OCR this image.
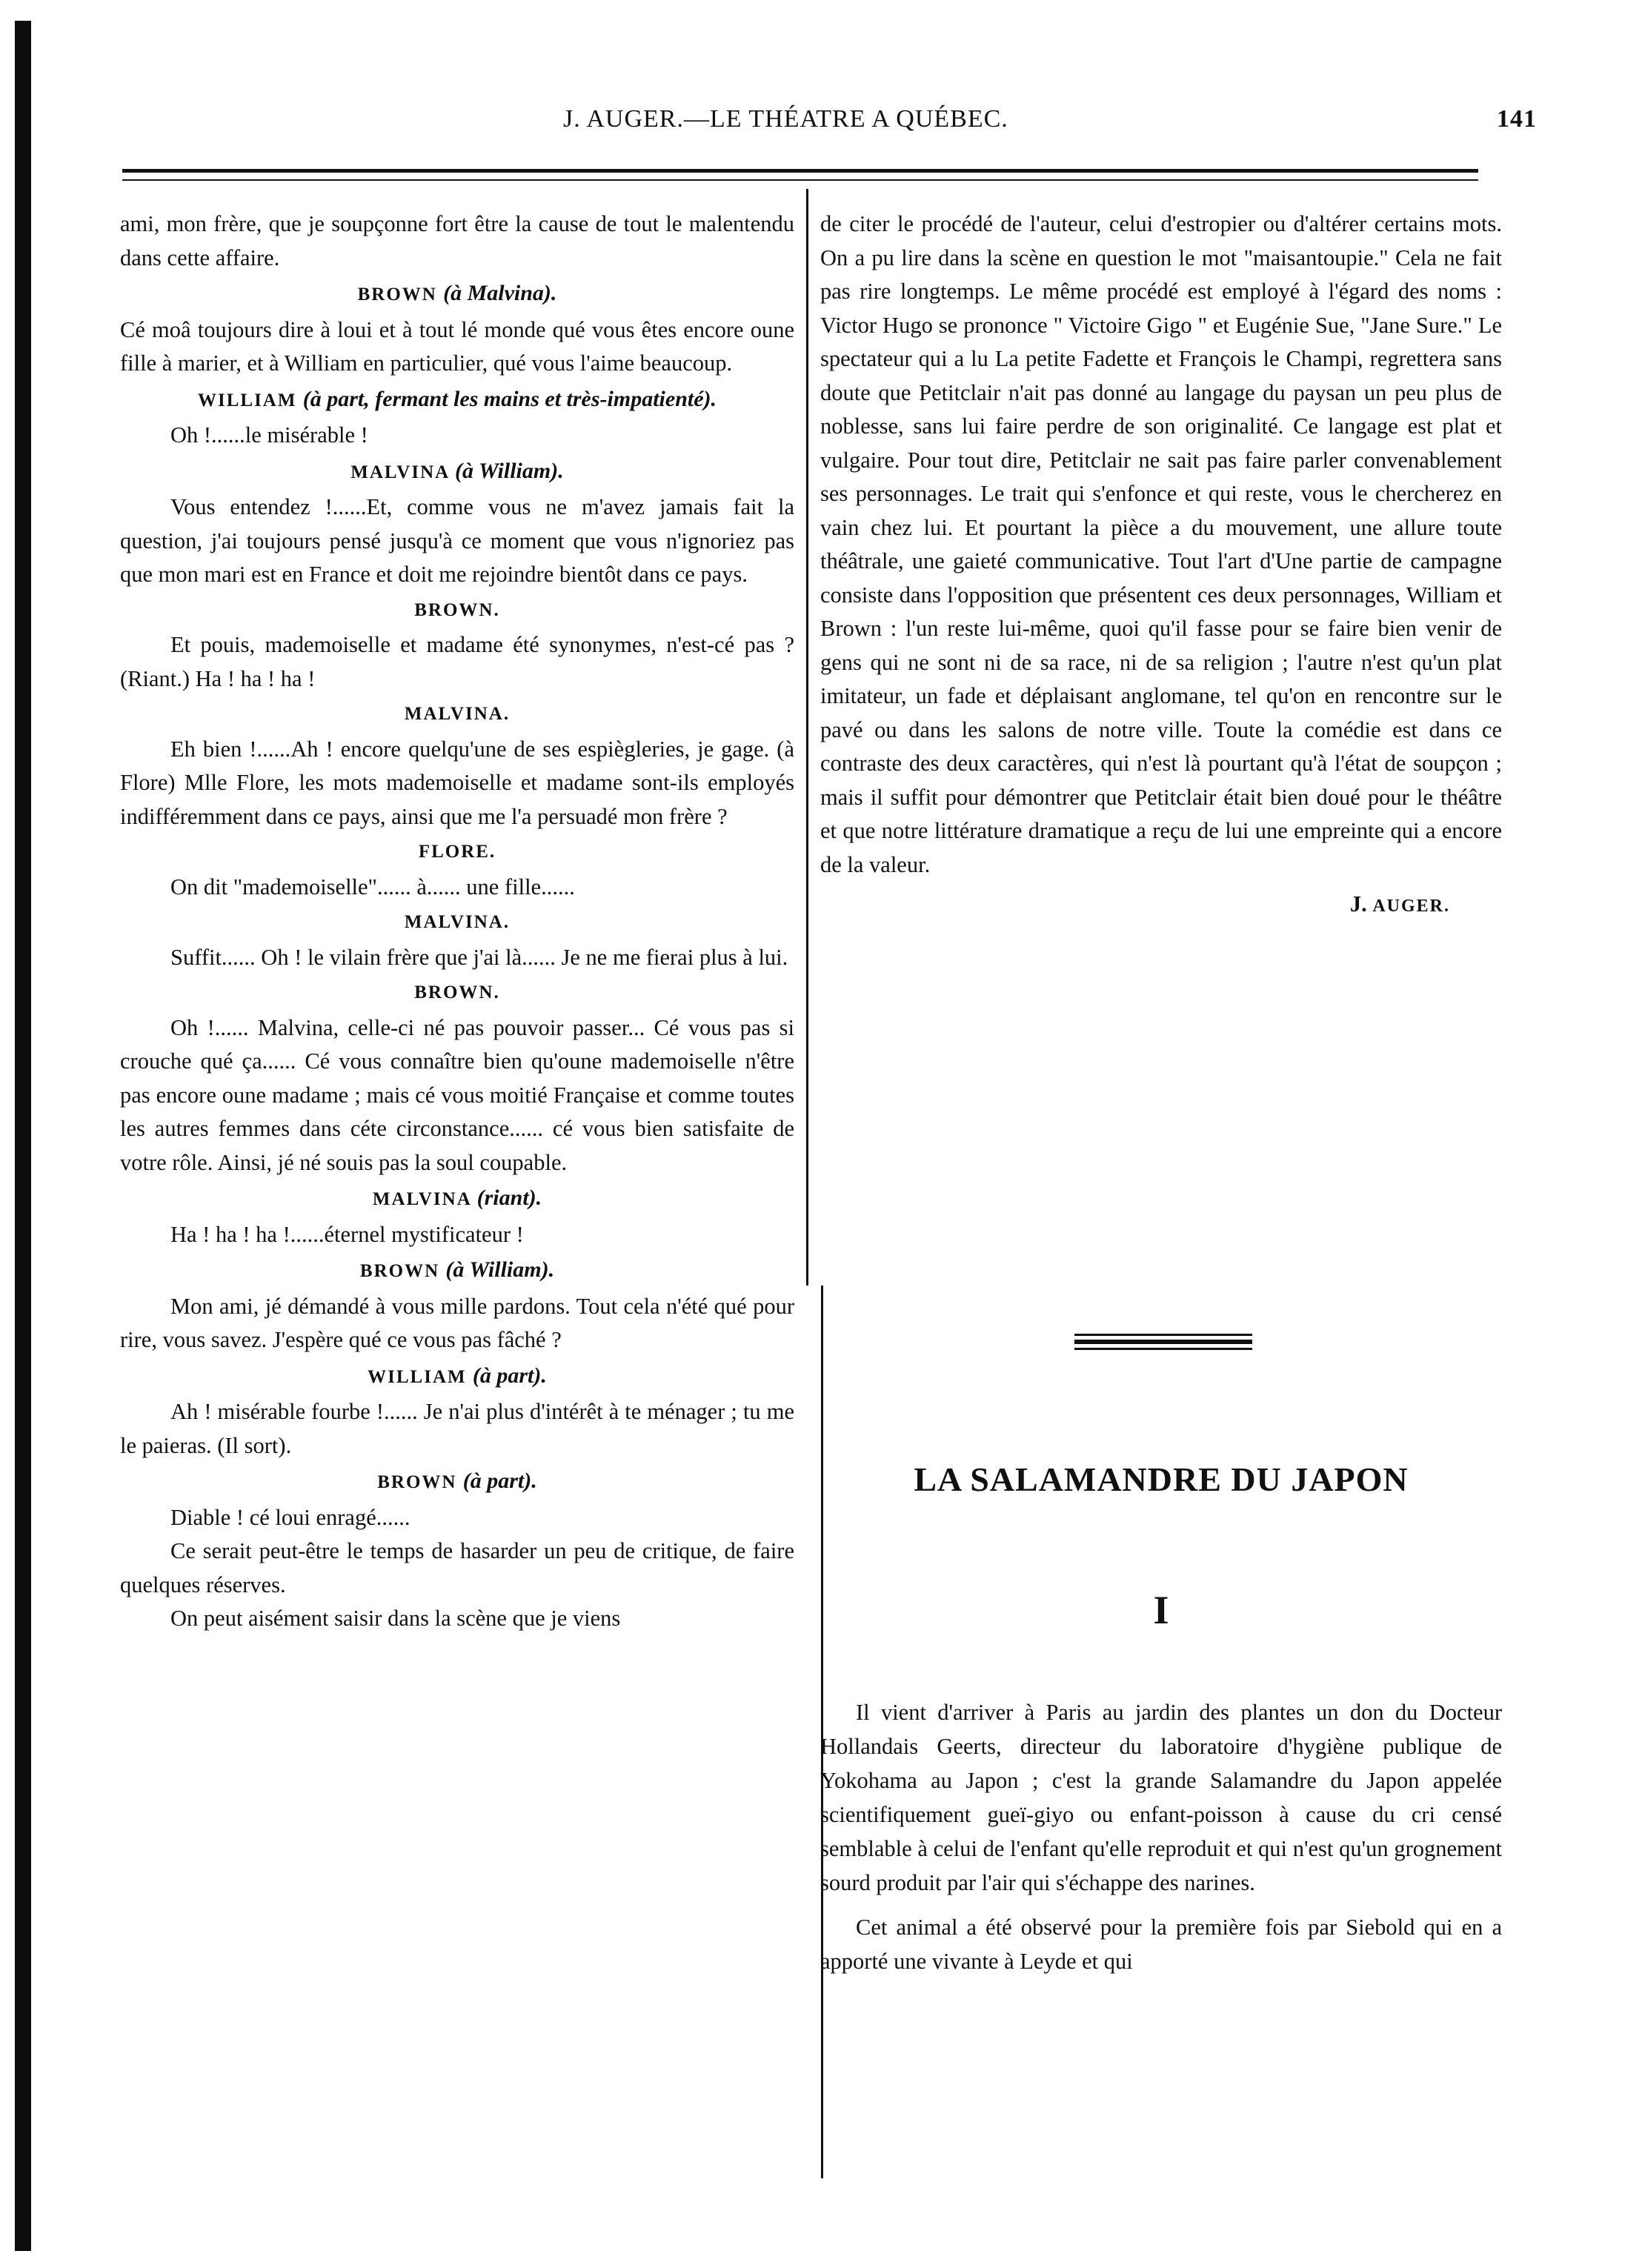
J. AUGER.—LE THÉATRE A QUÉBEC.	141

ami, mon frère, que je soupçonne fort être la cause de tout le malentendu dans cette affaire.

BROWN (à Malvina).

Cé moâ toujours dire à loui et à tout lé monde qué vous êtes encore oune fille à marier, et à William en particulier, qué vous l'aime beaucoup.

WILLIAM (à part, fermant les mains et très-impatienté).

Oh !......le misérable !

MALVINA (à William).

Vous entendez !......Et, comme vous ne m'avez jamais fait la question, j'ai toujours pensé jusqu'à ce moment que vous n'ignoriez pas que mon mari est en France et doit me rejoindre bientôt dans ce pays.

BROWN.

Et pouis, mademoiselle et madame été synonymes, n'est-cé pas ? (Riant.) Ha ! ha ! ha !

MALVINA.

Eh bien !......Ah ! encore quelqu'une de ses espiègleries, je gage. (à Flore) Mlle Flore, les mots mademoiselle et madame sont-ils employés indifféremment dans ce pays, ainsi que me l'a persuadé mon frère ?

FLORE.

On dit "mademoiselle"...... à...... une fille......

MALVINA.

Suffit...... Oh ! le vilain frère que j'ai là...... Je ne me fierai plus à lui.

BROWN.

Oh !...... Malvina, celle-ci né pas pouvoir passer... Cé vous pas si crouche qué ça...... Cé vous connaître bien qu'oune mademoiselle n'être pas encore oune madame ; mais cé vous moitié Française et comme toutes les autres femmes dans céte circonstance...... cé vous bien satisfaite de votre rôle. Ainsi, jé né souis pas la soul coupable.

MALVINA (riant).

Ha ! ha ! ha !......éternel mystificateur !

BROWN (à William).

Mon ami, jé démandé à vous mille pardons. Tout cela n'été qué pour rire, vous savez. J'espère qué ce vous pas fâché ?

WILLIAM (à part).

Ah ! misérable fourbe !...... Je n'ai plus d'intérêt à te ménager ; tu me le paieras. (Il sort).

BROWN (à part).

Diable ! cé loui enragé......

Ce serait peut-être le temps de hasarder un peu de critique, de faire quelques réserves.

On peut aisément saisir dans la scène que je viens

de citer le procédé de l'auteur, celui d'estropier ou d'altérer certains mots. On a pu lire dans la scène en question le mot "maisantoupie." Cela ne fait pas rire longtemps. Le même procédé est employé à l'égard des noms : Victor Hugo se prononce " Victoire Gigo " et Eugénie Sue, "Jane Sure." Le spectateur qui a lu La petite Fadette et François le Champi, regrettera sans doute que Petitclair n'ait pas donné au langage du paysan un peu plus de noblesse, sans lui faire perdre de son originalité. Ce langage est plat et vulgaire. Pour tout dire, Petitclair ne sait pas faire parler convenablement ses personnages. Le trait qui s'enfonce et qui reste, vous le chercherez en vain chez lui. Et pourtant la pièce a du mouvement, une allure toute théâtrale, une gaieté communicative. Tout l'art d'Une partie de campagne consiste dans l'opposition que présentent ces deux personnages, William et Brown : l'un reste lui-même, quoi qu'il fasse pour se faire bien venir de gens qui ne sont ni de sa race, ni de sa religion ; l'autre n'est qu'un plat imitateur, un fade et déplaisant anglomane, tel qu'on en rencontre sur le pavé ou dans les salons de notre ville. Toute la comédie est dans ce contraste des deux caractères, qui n'est là pourtant qu'à l'état de soupçon ; mais il suffit pour démontrer que Petitclair était bien doué pour le théâtre et que notre littérature dramatique a reçu de lui une empreinte qui a encore de la valeur.

J. AUGER.

LA SALAMANDRE DU JAPON
I

Il vient d'arriver à Paris au jardin des plantes un don du Docteur Hollandais Geerts, directeur du laboratoire d'hygiène publique de Yokohama au Japon ; c'est la grande Salamandre du Japon appelée scientifiquement gueï-giyo ou enfant-poisson à cause du cri censé semblable à celui de l'enfant qu'elle reproduit et qui n'est qu'un grognement sourd produit par l'air qui s'échappe des narines.

Cet animal a été observé pour la première fois par Siebold qui en a apporté une vivante à Leyde et qui
